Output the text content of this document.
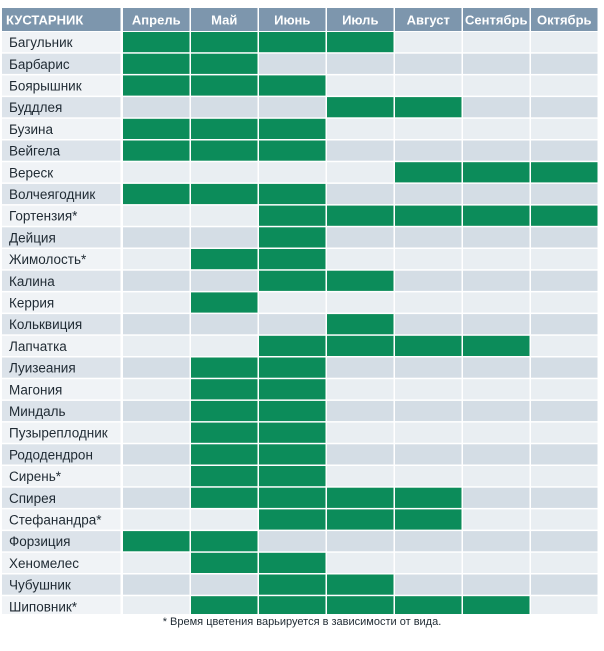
КУСТАРНИК	Апрель Май	Июнь Июль Август Сентябрь Октябрь
Багульник
Барбарис
Боярышник
Буддлея
Бузина
Вейгела
Вереск
Волчеягодник
Гортензия*
Дейция
Жимолость*
Калина
Керрия
Кольквиция
Лапчатка
Луизеания
Магония
Миндаль
Пузыреплодник
Рододендрон
Сирень*
Спирея
Стефанандра*
Форзиция
Хеномелес
Чубушник
Шиповник*
* Время цветения варьируется в зависимости от вида.
